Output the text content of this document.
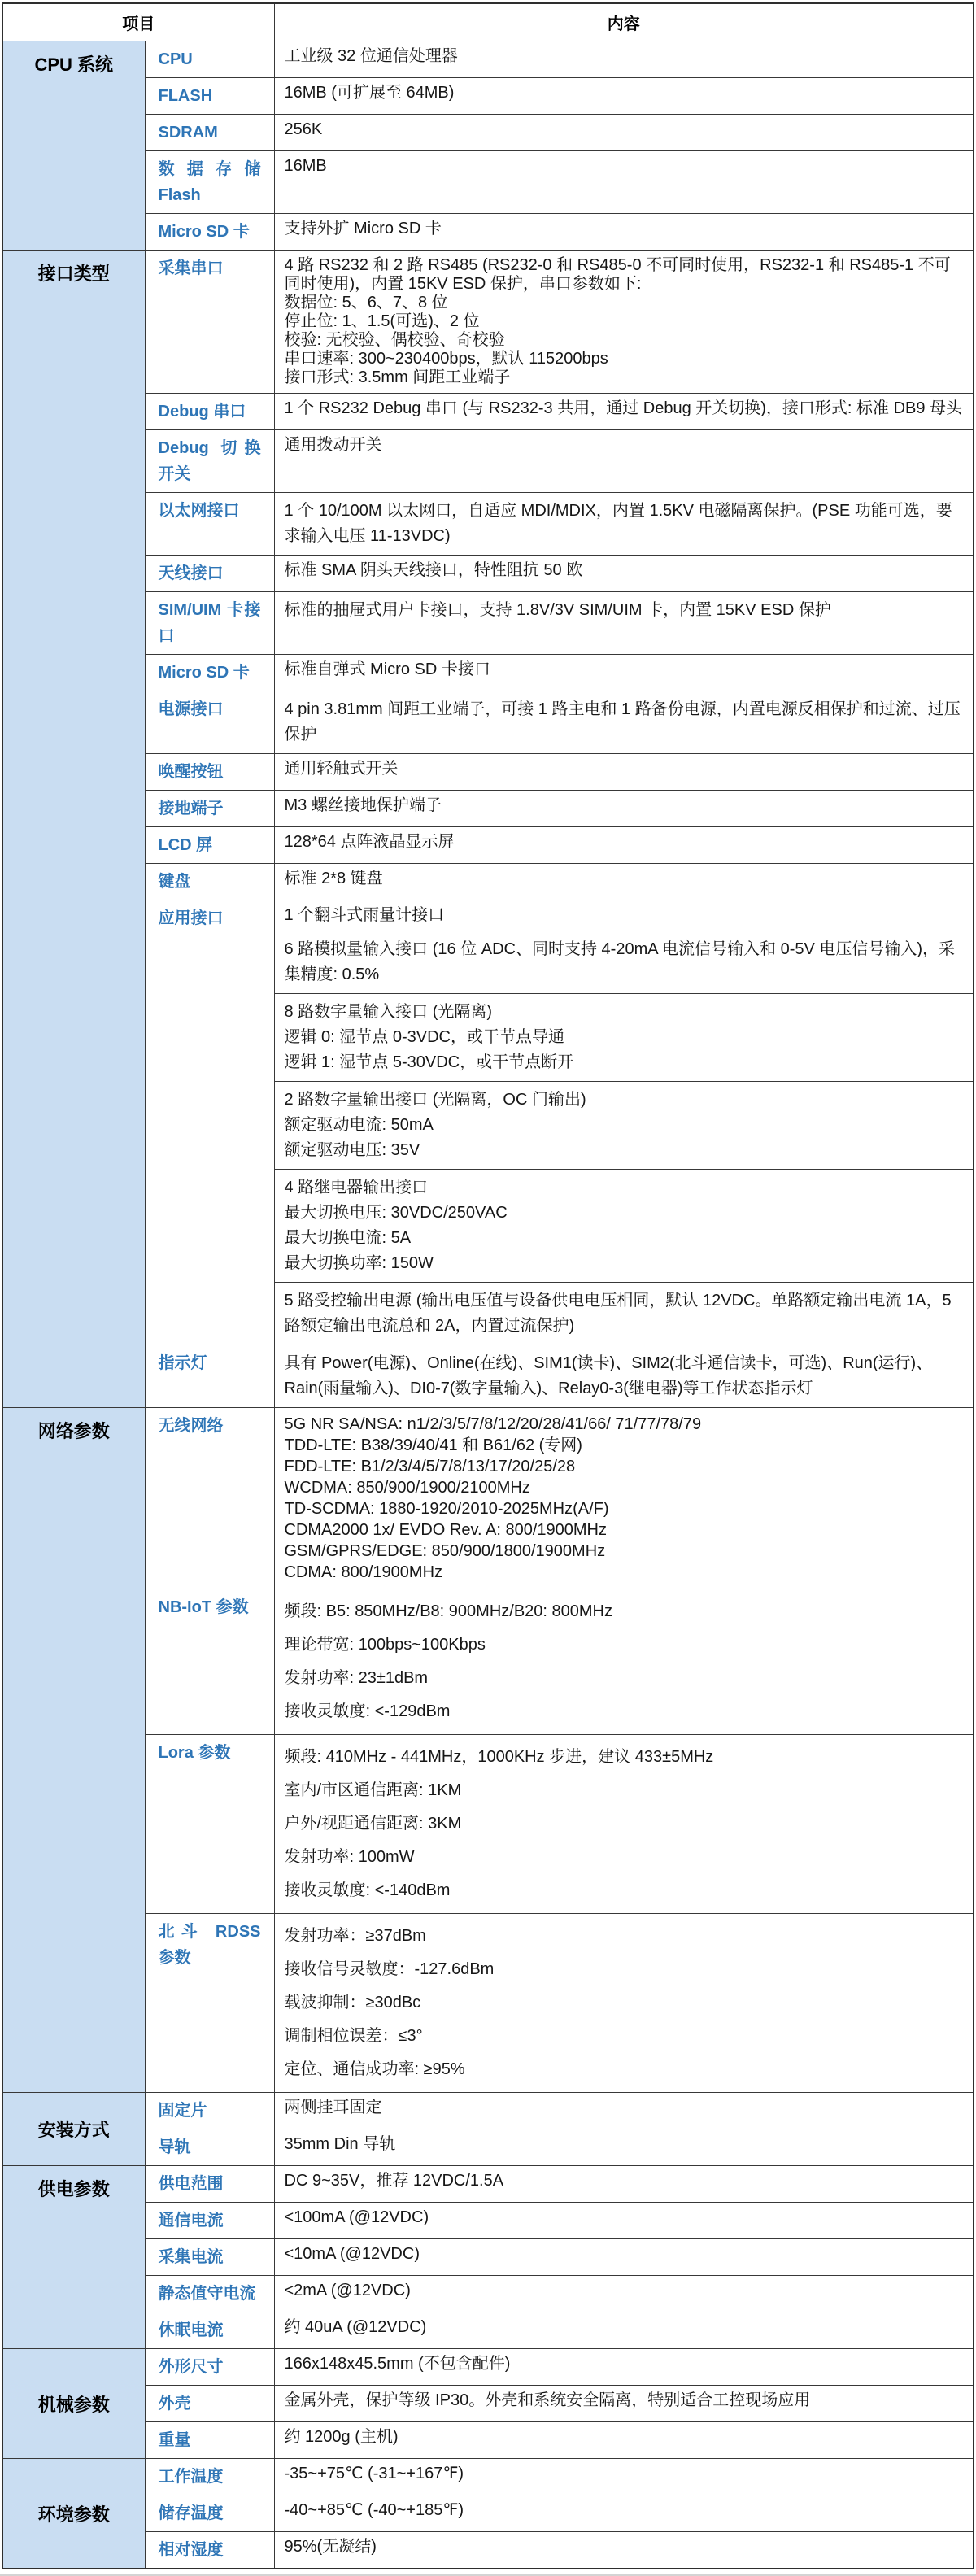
项目		内容
CPU 系统	CPU	工业级 32 位通信处理器

	FLASH	16MB (可扩展至 64MB)

	SDRAM	256K

	数据存储 Flash	16MB

	Micro SD 卡	支持外扩 Micro SD 卡

接口类型	采集串口	4 路 RS232 和 2 路 RS485 (RS232-0 和 RS485-0 不可同时使用，RS232-1 和 RS485-1 不可同时使用)，内置 15KV ESD 保护，串口参数如下:
数据位: 5、6、7、8 位
停止位: 1、1.5(可选)、2 位
校验: 无校验、偶校验、奇校验
串口速率: 300~230400bps，默认 115200bps
接口形式: 3.5mm 间距工业端子

	Debug 串口	1 个 RS232 Debug 串口 (与 RS232-3 共用，通过 Debug 开关切换)，接口形式: 标准 DB9 母头

	Debug 切换开关	通用拨动开关

	以太网接口	1 个 10/100M 以太网口，自适应 MDI/MDIX，内置 1.5KV 电磁隔离保护。(PSE 功能可选，要求输入电压 11-13VDC)

	天线接口	标准 SMA 阴头天线接口，特性阻抗 50 欧

	SIM/UIM 卡接口	标准的抽屉式用户卡接口，支持 1.8V/3V SIM/UIM 卡，内置 15KV ESD 保护

	Micro SD 卡	标准自弹式 Micro SD 卡接口

	电源接口	4 pin 3.81mm 间距工业端子，可接 1 路主电和 1 路备份电源，内置电源反相保护和过流、过压保护

	唤醒按钮	通用轻触式开关

	接地端子	M3 螺丝接地保护端子

	LCD 屏	128*64 点阵液晶显示屏

	键盘	标准 2*8 键盘

	应用接口	1 个翻斗式雨量计接口

		6 路模拟量输入接口 (16 位 ADC、同时支持 4-20mA 电流信号输入和 0-5V 电压信号输入)，采集精度: 0.5%

		8 路数字量输入接口 (光隔离)
逻辑 0: 湿节点 0-3VDC，或干节点导通
逻辑 1: 湿节点 5-30VDC，或干节点断开

		2 路数字量输出接口 (光隔离，OC 门输出)
额定驱动电流: 50mA
额定驱动电压: 35V

		4 路继电器输出接口
最大切换电压: 30VDC/250VAC
最大切换电流: 5A
最大切换功率: 150W

		5 路受控输出电源 (输出电压值与设备供电电压相同，默认 12VDC。单路额定输出电流 1A，5 路额定输出电流总和 2A，内置过流保护)

	指示灯	具有 Power(电源)、Online(在线)、SIM1(读卡)、SIM2(北斗通信读卡，可选)、Run(运行)、Rain(雨量输入)、DI0-7(数字量输入)、Relay0-3(继电器)等工作状态指示灯

网络参数	无线网络	5G NR SA/NSA: n1/2/3/5/7/8/12/20/28/41/66/ 71/77/78/79
TDD-LTE: B38/39/40/41 和 B61/62 (专网)
FDD-LTE: B1/2/3/4/5/7/8/13/17/20/25/28
WCDMA: 850/900/1900/2100MHz
TD-SCDMA: 1880-1920/2010-2025MHz(A/F)
CDMA2000 1x/ EVDO Rev. A: 800/1900MHz
GSM/GPRS/EDGE: 850/900/1800/1900MHz
CDMA: 800/1900MHz

	NB-IoT 参数	频段: B5: 850MHz/B8: 900MHz/B20: 800MHz
理论带宽: 100bps~100Kbps
发射功率: 23±1dBm
接收灵敏度: <-129dBm

	Lora 参数	频段: 410MHz - 441MHz，1000KHz 步进，建议 433±5MHz
室内/市区通信距离: 1KM
户外/视距通信距离: 3KM
发射功率: 100mW
接收灵敏度: <-140dBm

	北斗 RDSS 参数	发射功率：≥37dBm
接收信号灵敏度：-127.6dBm
载波抑制：≥30dBc
调制相位误差：≤3°
定位、通信成功率: ≥95%

安装方式	固定片	两侧挂耳固定

	导轨	35mm Din 导轨

供电参数	供电范围	DC 9~35V，推荐 12VDC/1.5A

	通信电流	<100mA (@12VDC)

	采集电流	<10mA (@12VDC)

	静态值守电流	<2mA (@12VDC)

	休眠电流	约 40uA (@12VDC)

机械参数	外形尺寸	166x148x45.5mm (不包含配件)

	外壳	金属外壳，保护等级 IP30。外壳和系统安全隔离，特别适合工控现场应用

	重量	约 1200g (主机)

环境参数	工作温度	-35~+75℃ (-31~+167℉)

	储存温度	-40~+85℃ (-40~+185℉)

	相对湿度	95%(无凝结)
